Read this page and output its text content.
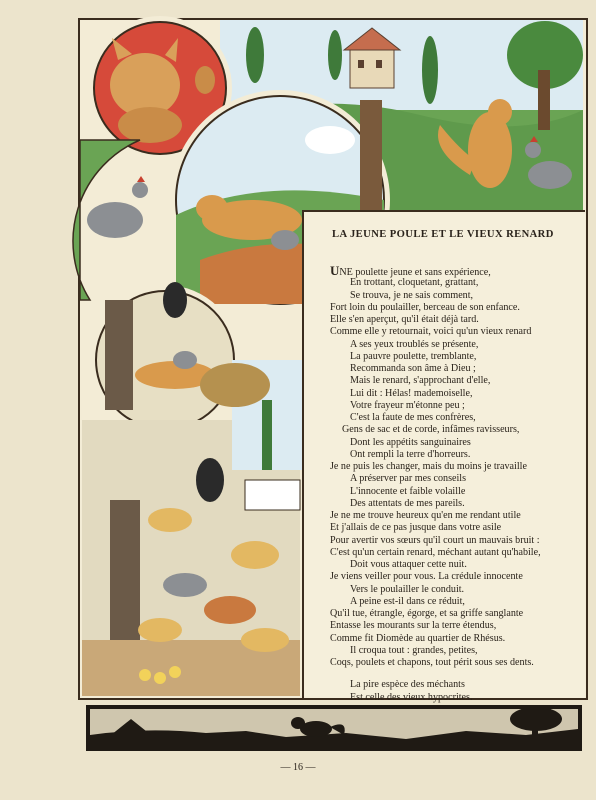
LA JEUNE POULE ET LE VIEUX RENARD
UNE poulette jeune et sans expérience,
En trottant, cloquetant, grattant,
Se trouva, je ne sais comment,
Fort loin du poulailler, berceau de son enfance.
Elle s'en aperçut, qu'il était déjà tard.
Comme elle y retournait, voici qu'un vieux renard
A ses yeux troublés se présente,
La pauvre poulette, tremblante,
Recommanda son âme à Dieu ;
Mais le renard, s'approchant d'elle,
Lui dit : Hélas! mademoiselle,
Votre frayeur m'étonne peu ;
C'est la faute de mes confrères,
Gens de sac et de corde, infâmes ravisseurs,
Dont les appétits sanguinaires
Ont rempli la terre d'horreurs.
Je ne puis les changer, mais du moins je travaille
A préserver par mes conseils
L'innocente et faible volaille
Des attentats de mes pareils.
Je ne me trouve heureux qu'en me rendant utile
Et j'allais de ce pas jusque dans votre asile
Pour avertir vos sœurs qu'il court un mauvais bruit :
C'est qu'un certain renard, méchant autant qu'habile,
Doit vous attaquer cette nuit.
Je viens veiller pour vous. La crédule innocente
Vers le poulailler le conduit.
A peine est-il dans ce réduit,
Qu'il tue, étrangle, égorge, et sa griffe sanglante
Entasse les mourants sur la terre étendus,
Comme fit Diomède au quartier de Rhésus.
Il croqua tout : grandes, petites,
Coqs, poulets et chapons, tout périt sous ses dents.
La pire espèce des méchants
Est celle des vieux hypocrites.
— 16 —
